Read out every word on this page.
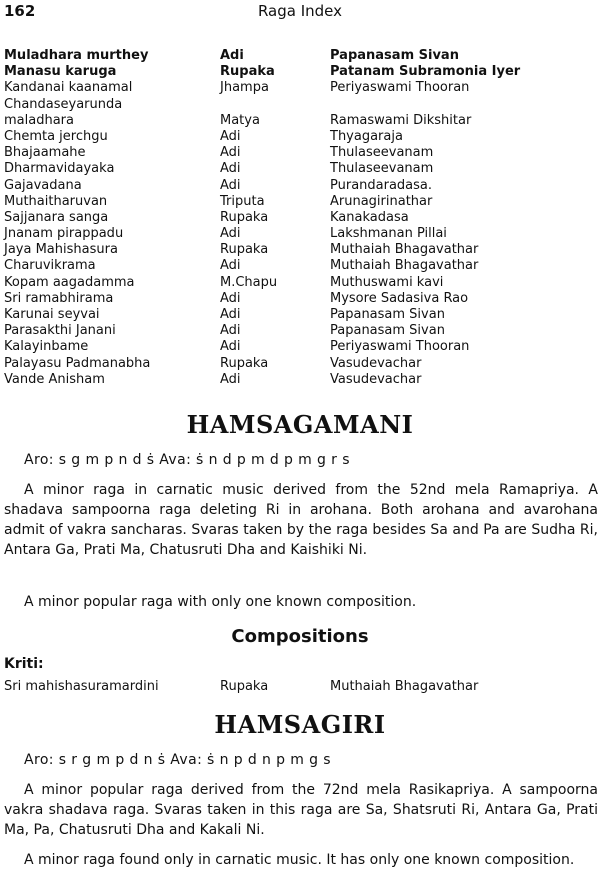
162	Raga Index
Muladhara murthey	Adi	Papanasam Sivan
Manasu karuga	Rupaka	Patanam Subramonia Iyer
Kandanai kaanamal	Jhampa	Periyaswami Thooran
Chandaseyarunda
maladhara	Matya	Ramaswami Dikshitar
Chemta jerchgu	Adi	Thyagaraja
Bhajaamahe	Adi	Thulaseevanam
Dharmavidayaka	Adi	Thulaseevanam
Gajavadana	Adi	Purandaradasa.
Muthaitharuvan	Triputa	Arunagirinathar
Sajjanara sanga	Rupaka	Kanakadasa
Jnanam pirappadu	Adi	Lakshmanan Pillai
Jaya Mahishasura	Rupaka	Muthaiah Bhagavathar
Charuvikrama	Adi	Muthaiah Bhagavathar
Kopam aagadamma	M.Chapu	Muthuswami kavi
Sri ramabhirama	Adi	Mysore Sadasiva Rao
Karunai seyvai	Adi	Papanasam Sivan
Parasakthi Janani	Adi	Papanasam Sivan
Kalayinbame	Adi	Periyaswami Thooran
Palayasu Padmanabha	Rupaka	Vasudevachar
Vande Anisham	Adi	Vasudevachar
HAMSAGAMANI
Aro: s g m p n d ṡ Ava: ṡ n d p m d p m g r s

A minor raga in carnatic music derived from the 52nd mela Ramapriya. A shadava sampoorna raga deleting Ri in arohana. Both arohana and avarohana admit of vakra sancharas. Svaras taken by the raga besides Sa and Pa are Sudha Ri, Antara Ga, Prati Ma, Chatusruti Dha and Kaishiki Ni.

A minor popular raga with only one known composition.

Compositions
Kriti:
Sri mahishasuramardini	Rupaka	Muthaiah Bhagavathar
HAMSAGIRI
Aro: s r g m p d n ṡ Ava: ṡ n p d n p m g s

A minor popular raga derived from the 72nd mela Rasikapriya. A sampoorna vakra shadava raga. Svaras taken in this raga are Sa, Shatsruti Ri, Antara Ga, Prati Ma, Pa, Chatusruti Dha and Kakali Ni.

A minor raga found only in carnatic music. It has only one known composition.
